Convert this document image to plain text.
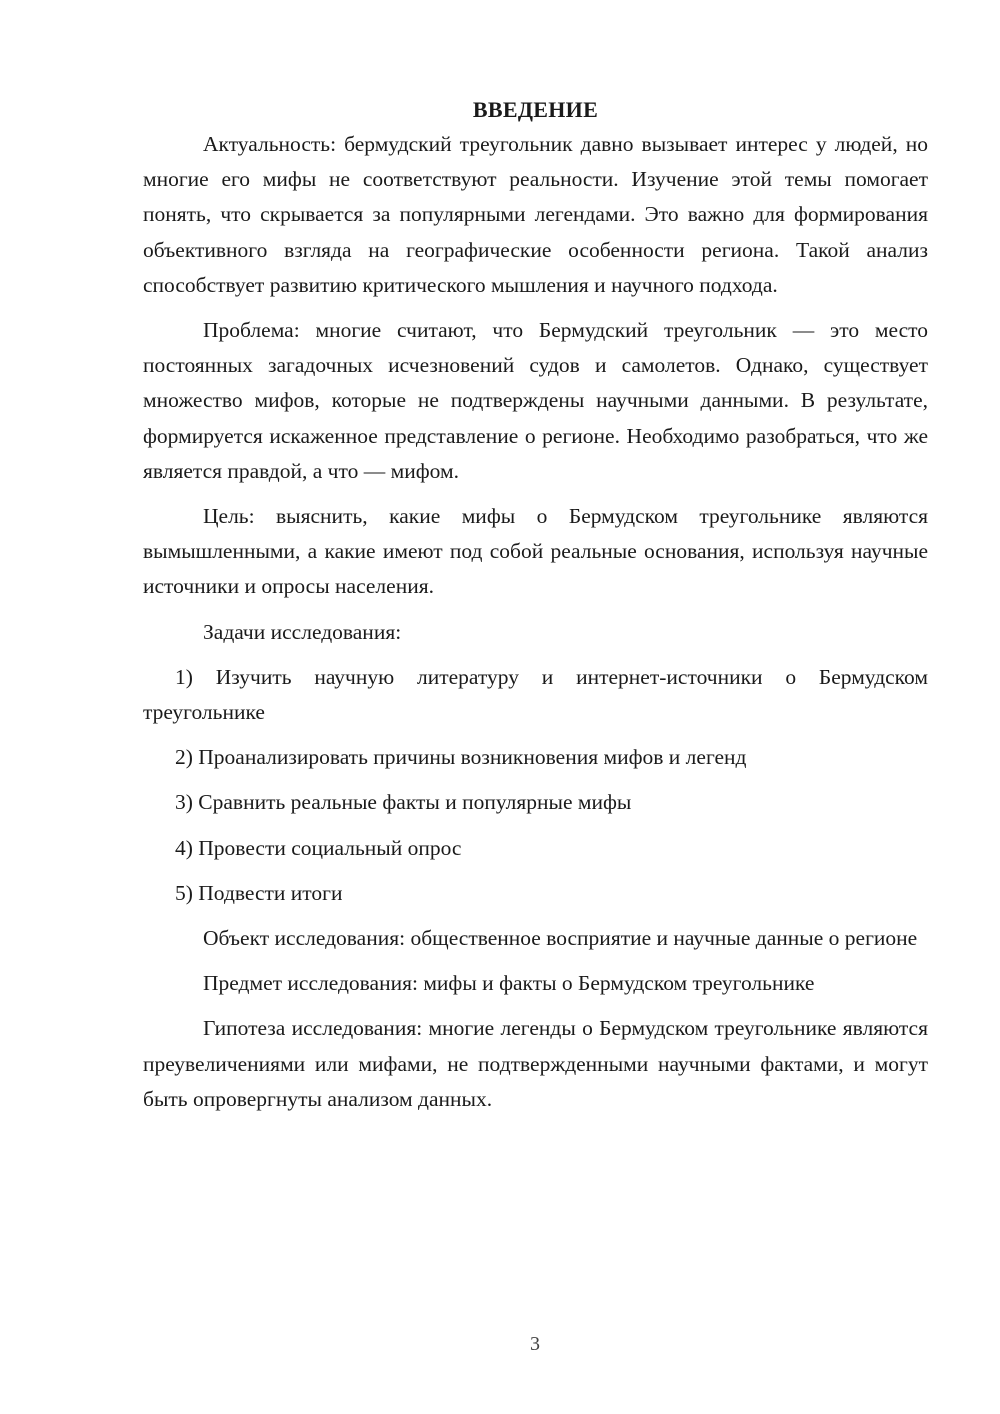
ВВЕДЕНИЕ

Актуальность: бермудский треугольник давно вызывает интерес у людей, но многие его мифы не соответствуют реальности. Изучение этой темы помогает понять, что скрывается за популярными легендами. Это важно для формирования объективного взгляда на географические особенности региона. Такой анализ способствует развитию критического мышления и научного подхода.

Проблема: многие считают, что Бермудский треугольник — это место постоянных загадочных исчезновений судов и самолетов. Однако, существует множество мифов, которые не подтверждены научными данными. В результате, формируется искаженное представление о регионе. Необходимо разобраться, что же является правдой, а что — мифом.

Цель: выяснить, какие мифы о Бермудском треугольнике являются вымышленными, а какие имеют под собой реальные основания, используя научные источники и опросы населения.

Задачи исследования:

1) Изучить научную литературу и интернет-источники о Бермудском треугольнике

2) Проанализировать причины возникновения мифов и легенд

3) Сравнить реальные факты и популярные мифы

4) Провести социальный опрос

5) Подвести итоги

Объект исследования: общественное восприятие и научные данные о регионе

Предмет исследования: мифы и факты о Бермудском треугольнике

Гипотеза исследования: многие легенды о Бермудском треугольнике являются преувеличениями или мифами, не подтвержденными научными фактами, и могут быть опровергнуты анализом данных.

3
